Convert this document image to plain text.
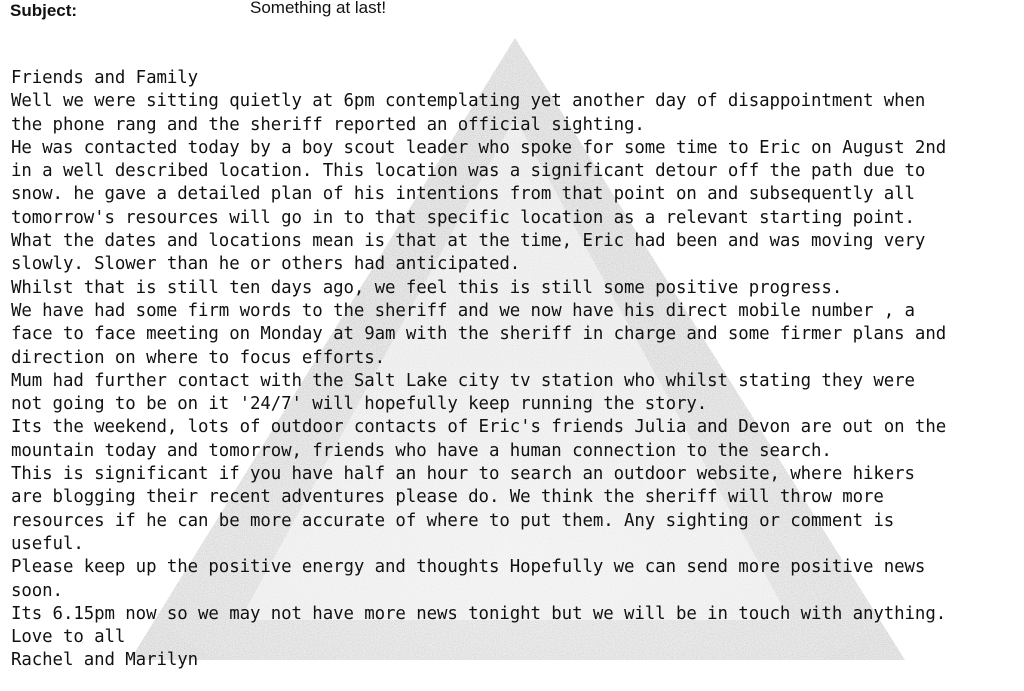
Subject:	Something at last!
Friends and Family
Well we were sitting quietly at 6pm contemplating yet another day of disappointment when
the phone rang and the sheriff reported an official sighting.
He was contacted today by a boy scout leader who spoke for some time to Eric on August 2nd
in a well described location. This location was a significant detour off the path due to
snow. he gave a detailed plan of his intentions from that point on and subsequently all
tomorrow's resources will go in to that specific location as a relevant starting point.
What the dates and locations mean is that at the time, Eric had been and was moving very
slowly. Slower than he or others had anticipated.
Whilst that is still ten days ago, we feel this is still some positive progress.
We have had some firm words to the sheriff and we now have his direct mobile number , a
face to face meeting on Monday at 9am with the sheriff in charge and some firmer plans and
direction on where to focus efforts.
Mum had further contact with the Salt Lake city tv station who whilst stating they were
not going to be on it '24/7' will hopefully keep running the story.
Its the weekend, lots of outdoor contacts of Eric's friends Julia and Devon are out on the
mountain today and tomorrow, friends who have a human connection to the search.
This is significant if you have half an hour to search an outdoor website, where hikers
are blogging their recent adventures please do. We think the sheriff will throw more
resources if he can be more accurate of where to put them. Any sighting or comment is
useful.
Please keep up the positive energy and thoughts Hopefully we can send more positive news
soon.
Its 6.15pm now so we may not have more news tonight but we will be in touch with anything.
Love to all
Rachel and Marilyn
